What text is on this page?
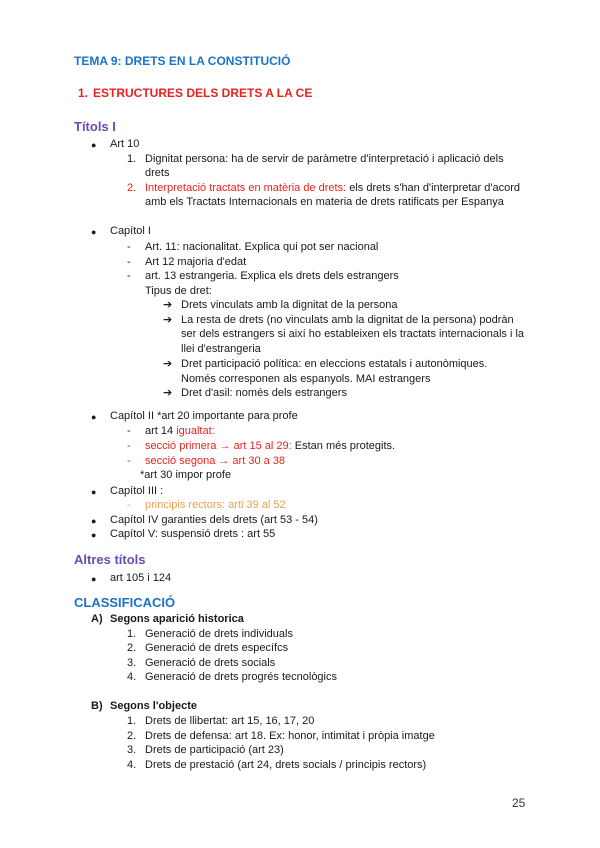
TEMA 9: DRETS EN LA CONSTITUCIÓ
1. ESTRUCTURES DELS DRETS A LA CE
Títols I
● Art 10
1. Dignitat persona: ha de servir de paràmetre d'interpretació i aplicació dels
drets
2. Interpretació tractats en matèria de drets: els drets s'han d'interpretar d'acord
amb els Tractats Internacionals en materia de drets ratificats per Espanya
● Capítol I
- Art. 11: nacionalitat. Explica qui pot ser nacional
- Art 12 majoria d'edat
- art. 13 estrangeria. Explica els drets dels estrangers
Tipus de dret:
➔ Drets vinculats amb la dignitat de la persona
➔ La resta de drets (no vinculats amb la dignitat de la persona) podràn
ser dels estrangers si així ho estableixen els tractats internacionals i la
llei d'estrangeria
➔ Dret participació política: en eleccions estatals i autonòmiques.
Només corresponen als espanyols. MAI estrangers
➔ Dret d'asil: només dels estrangers
● Capítol II *art 20 importante para profe
- art 14 igualtat:
- secció primera → art 15 al 29: Estan més protegits.
- secció segona → art 30 a 38
*art 30 impor profe
● Capítol III :
- principis rectors: arti 39 al 52
● Capítol IV garanties dels drets (art 53 - 54)
● Capítol V: suspensió drets : art 55
Altres títols
● art 105 i 124
CLASSIFICACIÓ
A) Segons aparició historica
1. Generació de drets individuals
2. Generació de drets específcs
3. Generació de drets socials
4. Generació de drets progrés tecnològics
B) Segons l'objecte
1. Drets de llibertat: art 15, 16, 17, 20
2. Drets de defensa: art 18. Ex: honor, intimitat i pròpia imatge
3. Drets de participació (art 23)
4. Drets de prestació (art 24, drets socials / principis rectors)
25
